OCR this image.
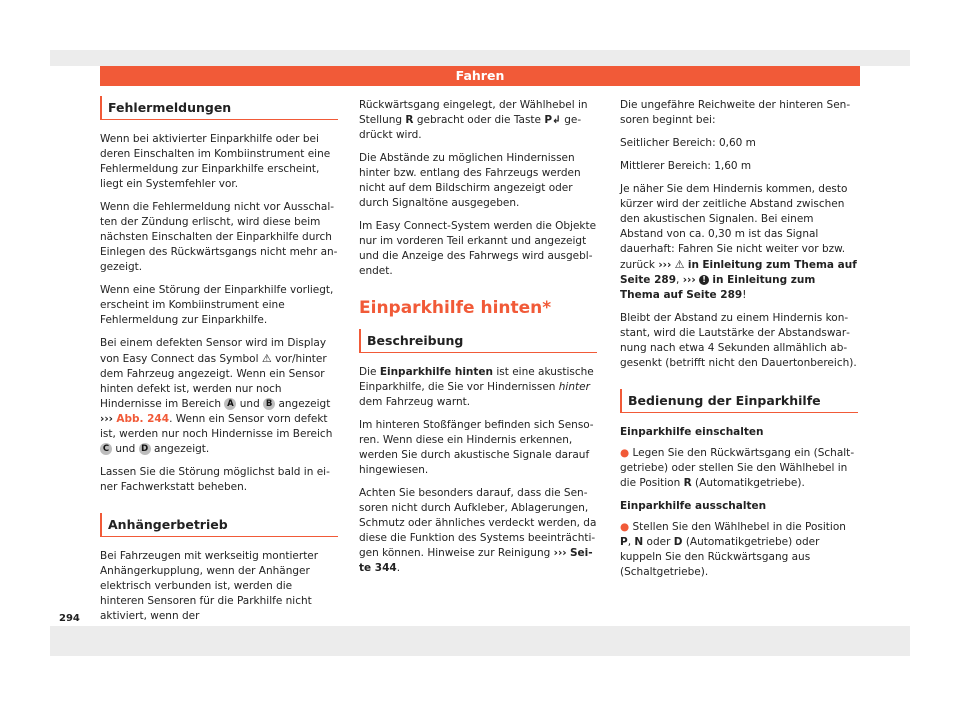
Fahren
Fehlermeldungen

Wenn bei aktivierter Einparkhilfe oder bei deren Einschalten im Kombiinstrument eine Fehlermeldung zur Einparkhilfe erscheint, liegt ein Systemfehler vor.

Wenn die Fehlermeldung nicht vor Ausschalten der Zündung erlischt, wird diese beim nächsten Einschalten der Einparkhilfe durch Einlegen des Rückwärtsgangs nicht mehr angezeigt.

Wenn eine Störung der Einparkhilfe vorliegt, erscheint im Kombiinstrument eine Fehlermeldung zur Einparkhilfe.

Bei einem defekten Sensor wird im Display von Easy Connect das Symbol ⚠ vor/hinter dem Fahrzeug angezeigt. Wenn ein Sensor hinten defekt ist, werden nur noch Hindernisse im Bereich A und B angezeigt ››› Abb. 244. Wenn ein Sensor vorn defekt ist, werden nur noch Hindernisse im Bereich C und D angezeigt.

Lassen Sie die Störung möglichst bald in einer Fachwerkstatt beheben.

Anhängerbetrieb

Bei Fahrzeugen mit werkseitig montierter Anhängerkupplung, wenn der Anhänger elektrisch verbunden ist, werden die hinteren Sensoren für die Parkhilfe nicht aktiviert, wenn der

Rückwärtsgang eingelegt, der Wählhebel in Stellung R gebracht oder die Taste P↲ gedrückt wird.

Die Abstände zu möglichen Hindernissen hinter bzw. entlang des Fahrzeugs werden nicht auf dem Bildschirm angezeigt oder durch Signaltöne ausgegeben.

Im Easy Connect-System werden die Objekte nur im vorderen Teil erkannt und angezeigt und die Anzeige des Fahrwegs wird ausgeblendet.

Einparkhilfe hinten*
Beschreibung

Die Einparkhilfe hinten ist eine akustische Einparkhilfe, die Sie vor Hindernissen hinter dem Fahrzeug warnt.

Im hinteren Stoßfänger befinden sich Sensoren. Wenn diese ein Hindernis erkennen, werden Sie durch akustische Signale darauf hingewiesen.

Achten Sie besonders darauf, dass die Sensoren nicht durch Aufkleber, Ablagerungen, Schmutz oder ähnliches verdeckt werden, da diese die Funktion des Systems beeinträchtigen können. Hinweise zur Reinigung ››› Seite 344.

Die ungefähre Reichweite der hinteren Sensoren beginnt bei:

Seitlicher Bereich: 0,60 m

Mittlerer Bereich: 1,60 m

Je näher Sie dem Hindernis kommen, desto kürzer wird der zeitliche Abstand zwischen den akustischen Signalen. Bei einem Abstand von ca. 0,30 m ist das Signal dauerhaft: Fahren Sie nicht weiter vor bzw. zurück ››› ⚠ in Einleitung zum Thema auf Seite 289, ››› ! in Einleitung zum Thema auf Seite 289!

Bleibt der Abstand zu einem Hindernis konstant, wird die Lautstärke der Abstandswarnung nach etwa 4 Sekunden allmählich abgesenkt (betrifft nicht den Dauertonbereich).

Bedienung der Einparkhilfe
Einparkhilfe einschalten

● Legen Sie den Rückwärtsgang ein (Schaltgetriebe) oder stellen Sie den Wählhebel in die Position R (Automatikgetriebe).

Einparkhilfe ausschalten

● Stellen Sie den Wählhebel in die Position P, N oder D (Automatikgetriebe) oder kuppeln Sie den Rückwärtsgang aus (Schaltgetriebe).

294
